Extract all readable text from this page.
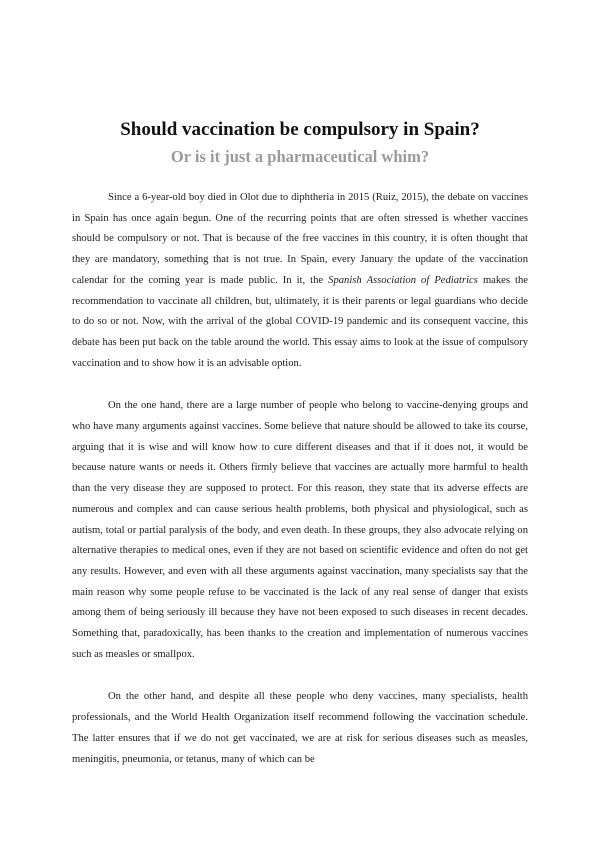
Should vaccination be compulsory in Spain?
Or is it just a pharmaceutical whim?

Since a 6-year-old boy died in Olot due to diphtheria in 2015 (Ruiz, 2015), the debate on vaccines in Spain has once again begun. One of the recurring points that are often stressed is whether vaccines should be compulsory or not. That is because of the free vaccines in this country, it is often thought that they are mandatory, something that is not true. In Spain, every January the update of the vaccination calendar for the coming year is made public. In it, the Spanish Association of Pediatrics makes the recommendation to vaccinate all children, but, ultimately, it is their parents or legal guardians who decide to do so or not. Now, with the arrival of the global COVID-19 pandemic and its consequent vaccine, this debate has been put back on the table around the world. This essay aims to look at the issue of compulsory vaccination and to show how it is an advisable option.

On the one hand, there are a large number of people who belong to vaccine-denying groups and who have many arguments against vaccines. Some believe that nature should be allowed to take its course, arguing that it is wise and will know how to cure different diseases and that if it does not, it would be because nature wants or needs it. Others firmly believe that vaccines are actually more harmful to health than the very disease they are supposed to protect. For this reason, they state that its adverse effects are numerous and complex and can cause serious health problems, both physical and physiological, such as autism, total or partial paralysis of the body, and even death. In these groups, they also advocate relying on alternative therapies to medical ones, even if they are not based on scientific evidence and often do not get any results. However, and even with all these arguments against vaccination, many specialists say that the main reason why some people refuse to be vaccinated is the lack of any real sense of danger that exists among them of being seriously ill because they have not been exposed to such diseases in recent decades. Something that, paradoxically, has been thanks to the creation and implementation of numerous vaccines such as measles or smallpox.

On the other hand, and despite all these people who deny vaccines, many specialists, health professionals, and the World Health Organization itself recommend following the vaccination schedule. The latter ensures that if we do not get vaccinated, we are at risk for serious diseases such as measles, meningitis, pneumonia, or tetanus, many of which can be
